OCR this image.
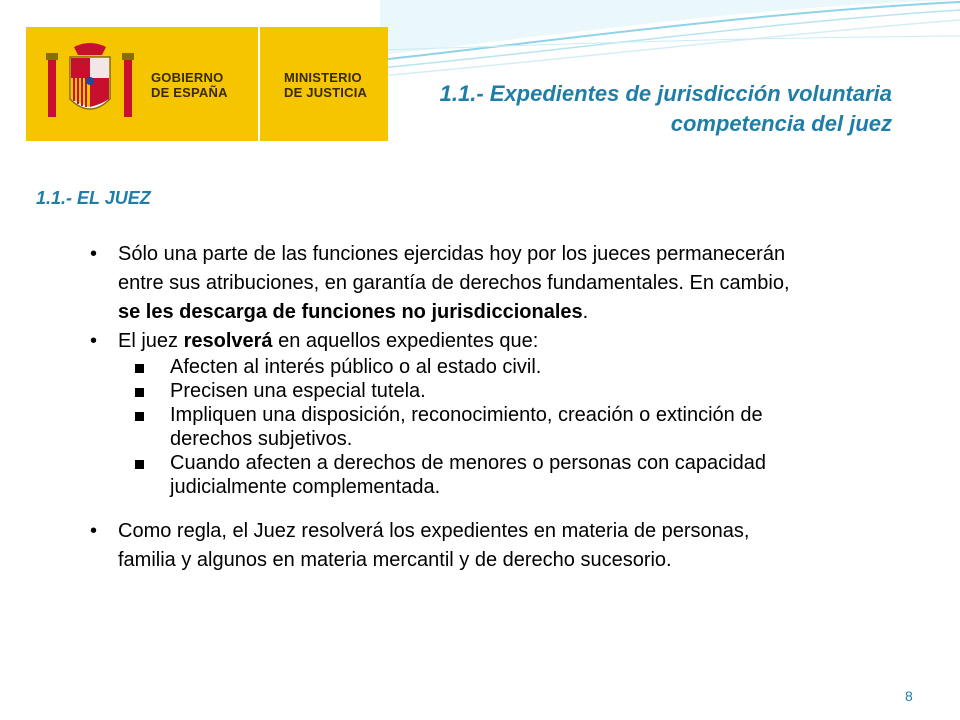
GOBIERNO
DE ESPAÑA
MINISTERIO
DE JUSTICIA	1.1.- Expedientes de jurisdicción voluntaria
competencia del juez
1.1.- EL JUEZ
• Sólo una parte de las funciones ejercidas hoy por los jueces permanecerán entre sus atribuciones, en garantía de derechos fundamentales. En cambio, se les descarga de funciones no jurisdiccionales.
• El juez resolverá en aquellos expedientes que:
Afecten al interés público o al estado civil.
Precisen una especial tutela.
Impliquen una disposición, reconocimiento, creación o extinción de derechos subjetivos.
Cuando afecten a derechos de menores o personas con capacidad judicialmente complementada.
• Como regla, el Juez resolverá los expedientes en materia de personas, familia y algunos en materia mercantil y de derecho sucesorio.
8
